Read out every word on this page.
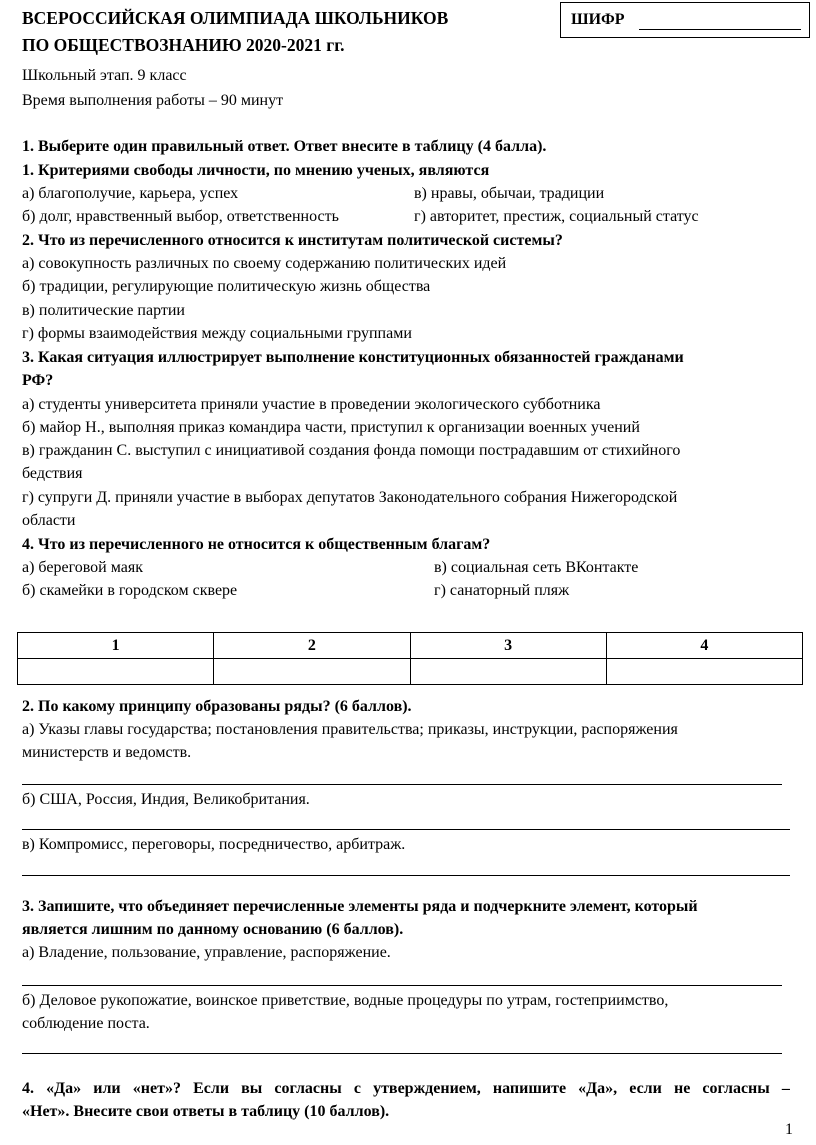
ВСЕРОССИЙСКАЯ ОЛИМПИАДА ШКОЛЬНИКОВ
ПО ОБЩЕСТВОЗНАНИЮ 2020-2021 гг.
ШИФР
Школьный этап. 9 класс
Время выполнения работы – 90 минут
1. Выберите один правильный ответ. Ответ внесите в таблицу (4 балла).
1. Критериями свободы личности, по мнению ученых, являются
а) благополучие, карьера, успех	в) нравы, обычаи, традиции
б) долг, нравственный выбор, ответственность	г) авторитет, престиж, социальный статус
2. Что из перечисленного относится к институтам политической системы?
а) совокупность различных по своему содержанию политических идей
б) традиции, регулирующие политическую жизнь общества
в) политические партии
г) формы взаимодействия между социальными группами
3. Какая ситуация иллюстрирует выполнение конституционных обязанностей гражданами
РФ?
а) студенты университета приняли участие в проведении экологического субботника
б) майор Н., выполняя приказ командира части, приступил к организации военных учений
в) гражданин С. выступил с инициативой создания фонда помощи пострадавшим от стихийного
бедствия
г) супруги Д. приняли участие в выборах депутатов Законодательного собрания Нижегородской
области
4. Что из перечисленного не относится к общественным благам?
а) береговой маяк	в) социальная сеть ВКонтакте
б) скамейки в городском сквере	г) санаторный пляж
1	2	3	4

2. По какому принципу образованы ряды? (6 баллов).
а) Указы главы государства; постановления правительства; приказы, инструкции, распоряжения
министерств и ведомств.
б) США, Россия, Индия, Великобритания.
в) Компромисс, переговоры, посредничество, арбитраж.
3. Запишите, что объединяет перечисленные элементы ряда и подчеркните элемент, который
является лишним по данному основанию (6 баллов).
а) Владение, пользование, управление, распоряжение.
б) Деловое рукопожатие, воинское приветствие, водные процедуры по утрам, гостеприимство,
соблюдение поста.
4. «Да» или «нет»? Если вы согласны с утверждением, напишите «Да», если не согласны –
«Нет». Внесите свои ответы в таблицу (10 баллов).
1
